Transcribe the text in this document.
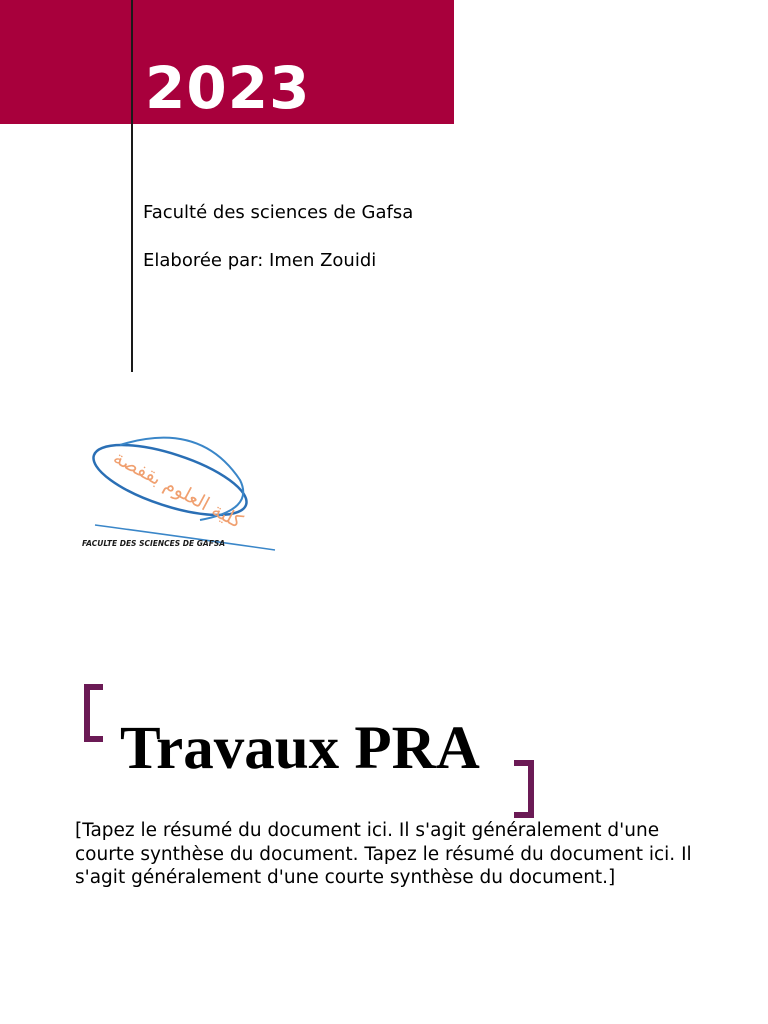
2023
Faculté des sciences de Gafsa
Elaborée par: Imen Zouidi
كلية العلوم بقفصة
FACULTE DES SCIENCES DE GAFSA
Travaux PRA
[Tapez le résumé du document ici. Il s'agit généralement d'une courte synthèse du document. Tapez le résumé du document ici. Il s'agit généralement d'une courte synthèse du document.]
